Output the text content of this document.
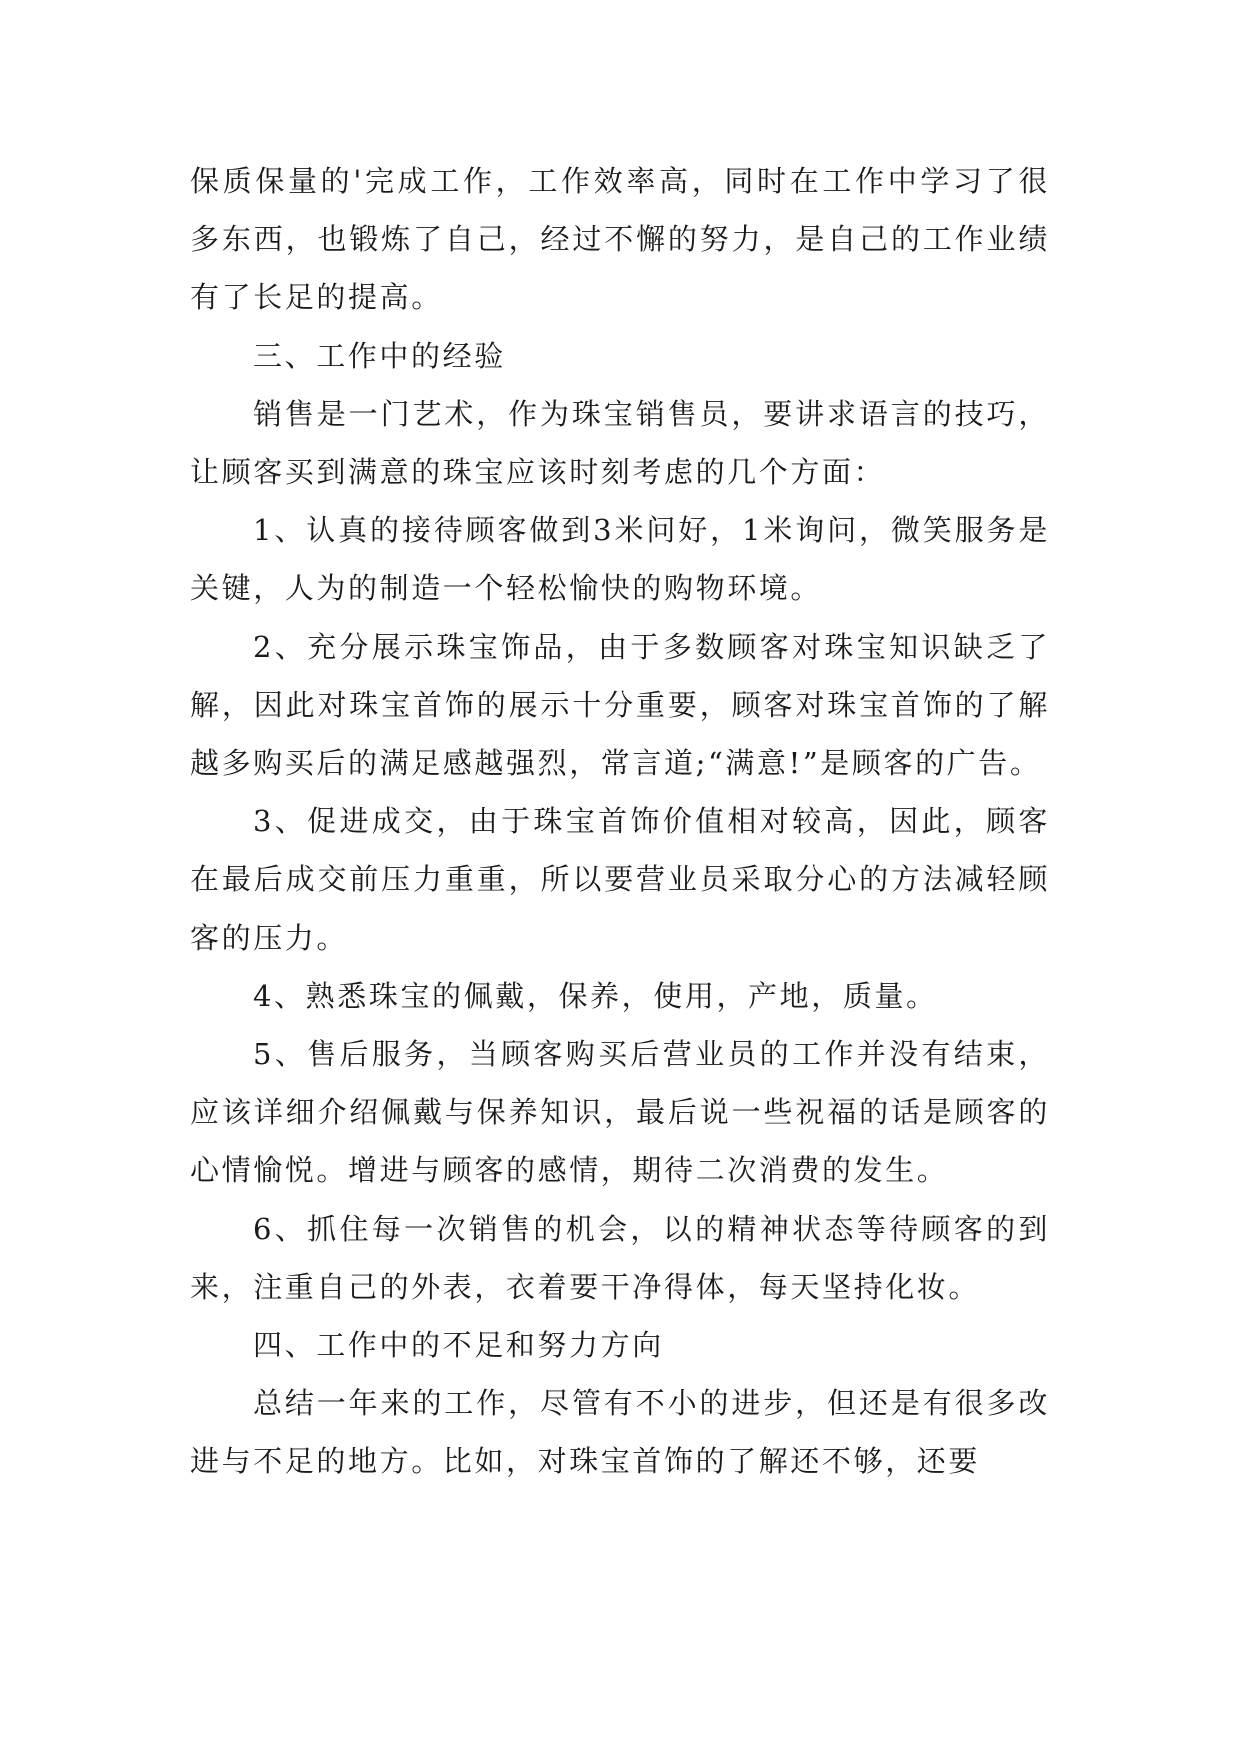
保质保量的'完成工作，工作效率高，同时在工作中学习了很多东西，也锻炼了自己，经过不懈的努力，是自己的工作业绩有了长足的提高。

三、工作中的经验

销售是一门艺术，作为珠宝销售员，要讲求语言的技巧，让顾客买到满意的珠宝应该时刻考虑的几个方面：

1、认真的接待顾客做到3米问好，1米询问，微笑服务是关键，人为的制造一个轻松愉快的购物环境。

2、充分展示珠宝饰品，由于多数顾客对珠宝知识缺乏了解，因此对珠宝首饰的展示十分重要，顾客对珠宝首饰的了解越多购买后的满足感越强烈，常言道;“满意!”是顾客的广告。

3、促进成交，由于珠宝首饰价值相对较高，因此，顾客在最后成交前压力重重，所以要营业员采取分心的方法减轻顾客的压力。

4、熟悉珠宝的佩戴，保养，使用，产地，质量。

5、售后服务，当顾客购买后营业员的工作并没有结束，应该详细介绍佩戴与保养知识，最后说一些祝福的话是顾客的心情愉悦。增进与顾客的感情，期待二次消费的发生。

6、抓住每一次销售的机会，以的精神状态等待顾客的到来，注重自己的外表，衣着要干净得体，每天坚持化妆。

四、工作中的不足和努力方向

总结一年来的工作，尽管有不小的进步，但还是有很多改进与不足的地方。比如，对珠宝首饰的了解还不够，还要
